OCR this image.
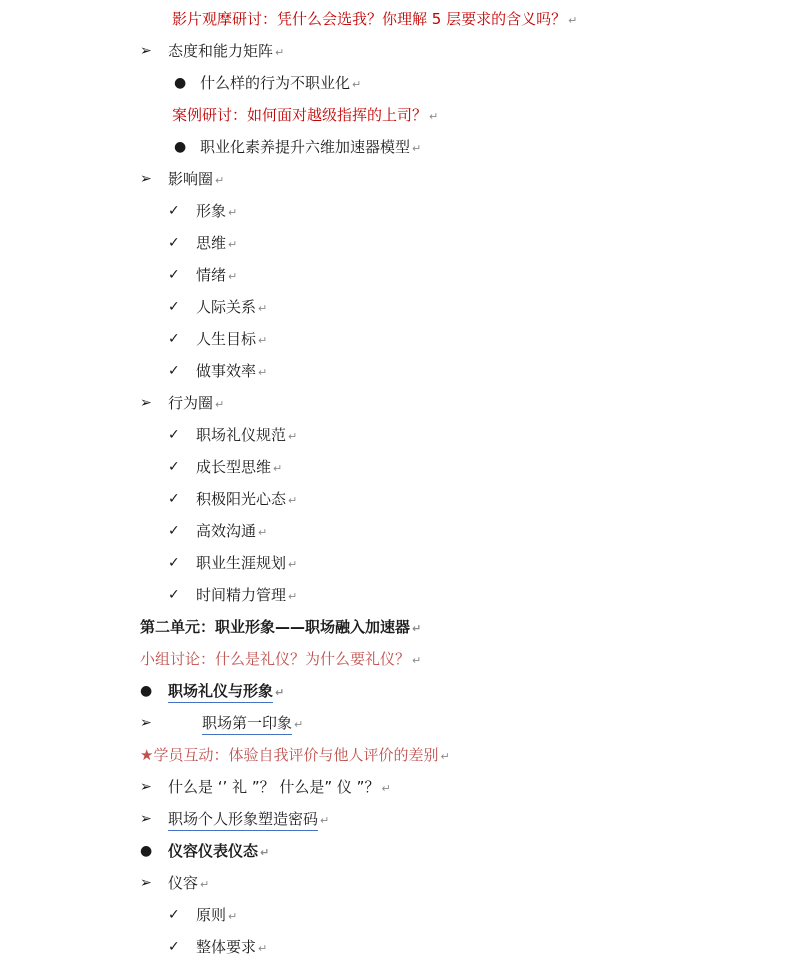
影片观摩研讨：凭什么会选我？你理解 5 层要求的含义吗？ ↵
➢ 态度和能力矩阵 ↵
● 什么样的行为不职业化 ↵
案例研讨：如何面对越级指挥的上司？ ↵
● 职业化素养提升六维加速器模型 ↵
➢ 影响圈 ↵
✓ 形象 ↵
✓ 思维 ↵
✓ 情绪 ↵
✓ 人际关系 ↵
✓ 人生目标 ↵
✓ 做事效率 ↵
➢ 行为圈 ↵
✓ 职场礼仪规范 ↵
✓ 成长型思维 ↵
✓ 积极阳光心态 ↵
✓ 高效沟通 ↵
✓ 职业生涯规划 ↵
✓ 时间精力管理 ↵
第二单元：职业形象——职场融入加速器 ↵
小组讨论：什么是礼仪？为什么要礼仪？ ↵
● 职场礼仪与形象 ↵
➢	职场第一印象 ↵
★学员互动：体验自我评价与他人评价的差别 ↵
➢ 什么是 ‘’ 礼 ”？ 什么是” 仪 ”？ ↵
➢ 职场个人形象塑造密码 ↵
● 仪容仪表仪态 ↵
➢ 仪容 ↵
✓ 原则 ↵
✓ 整体要求 ↵
